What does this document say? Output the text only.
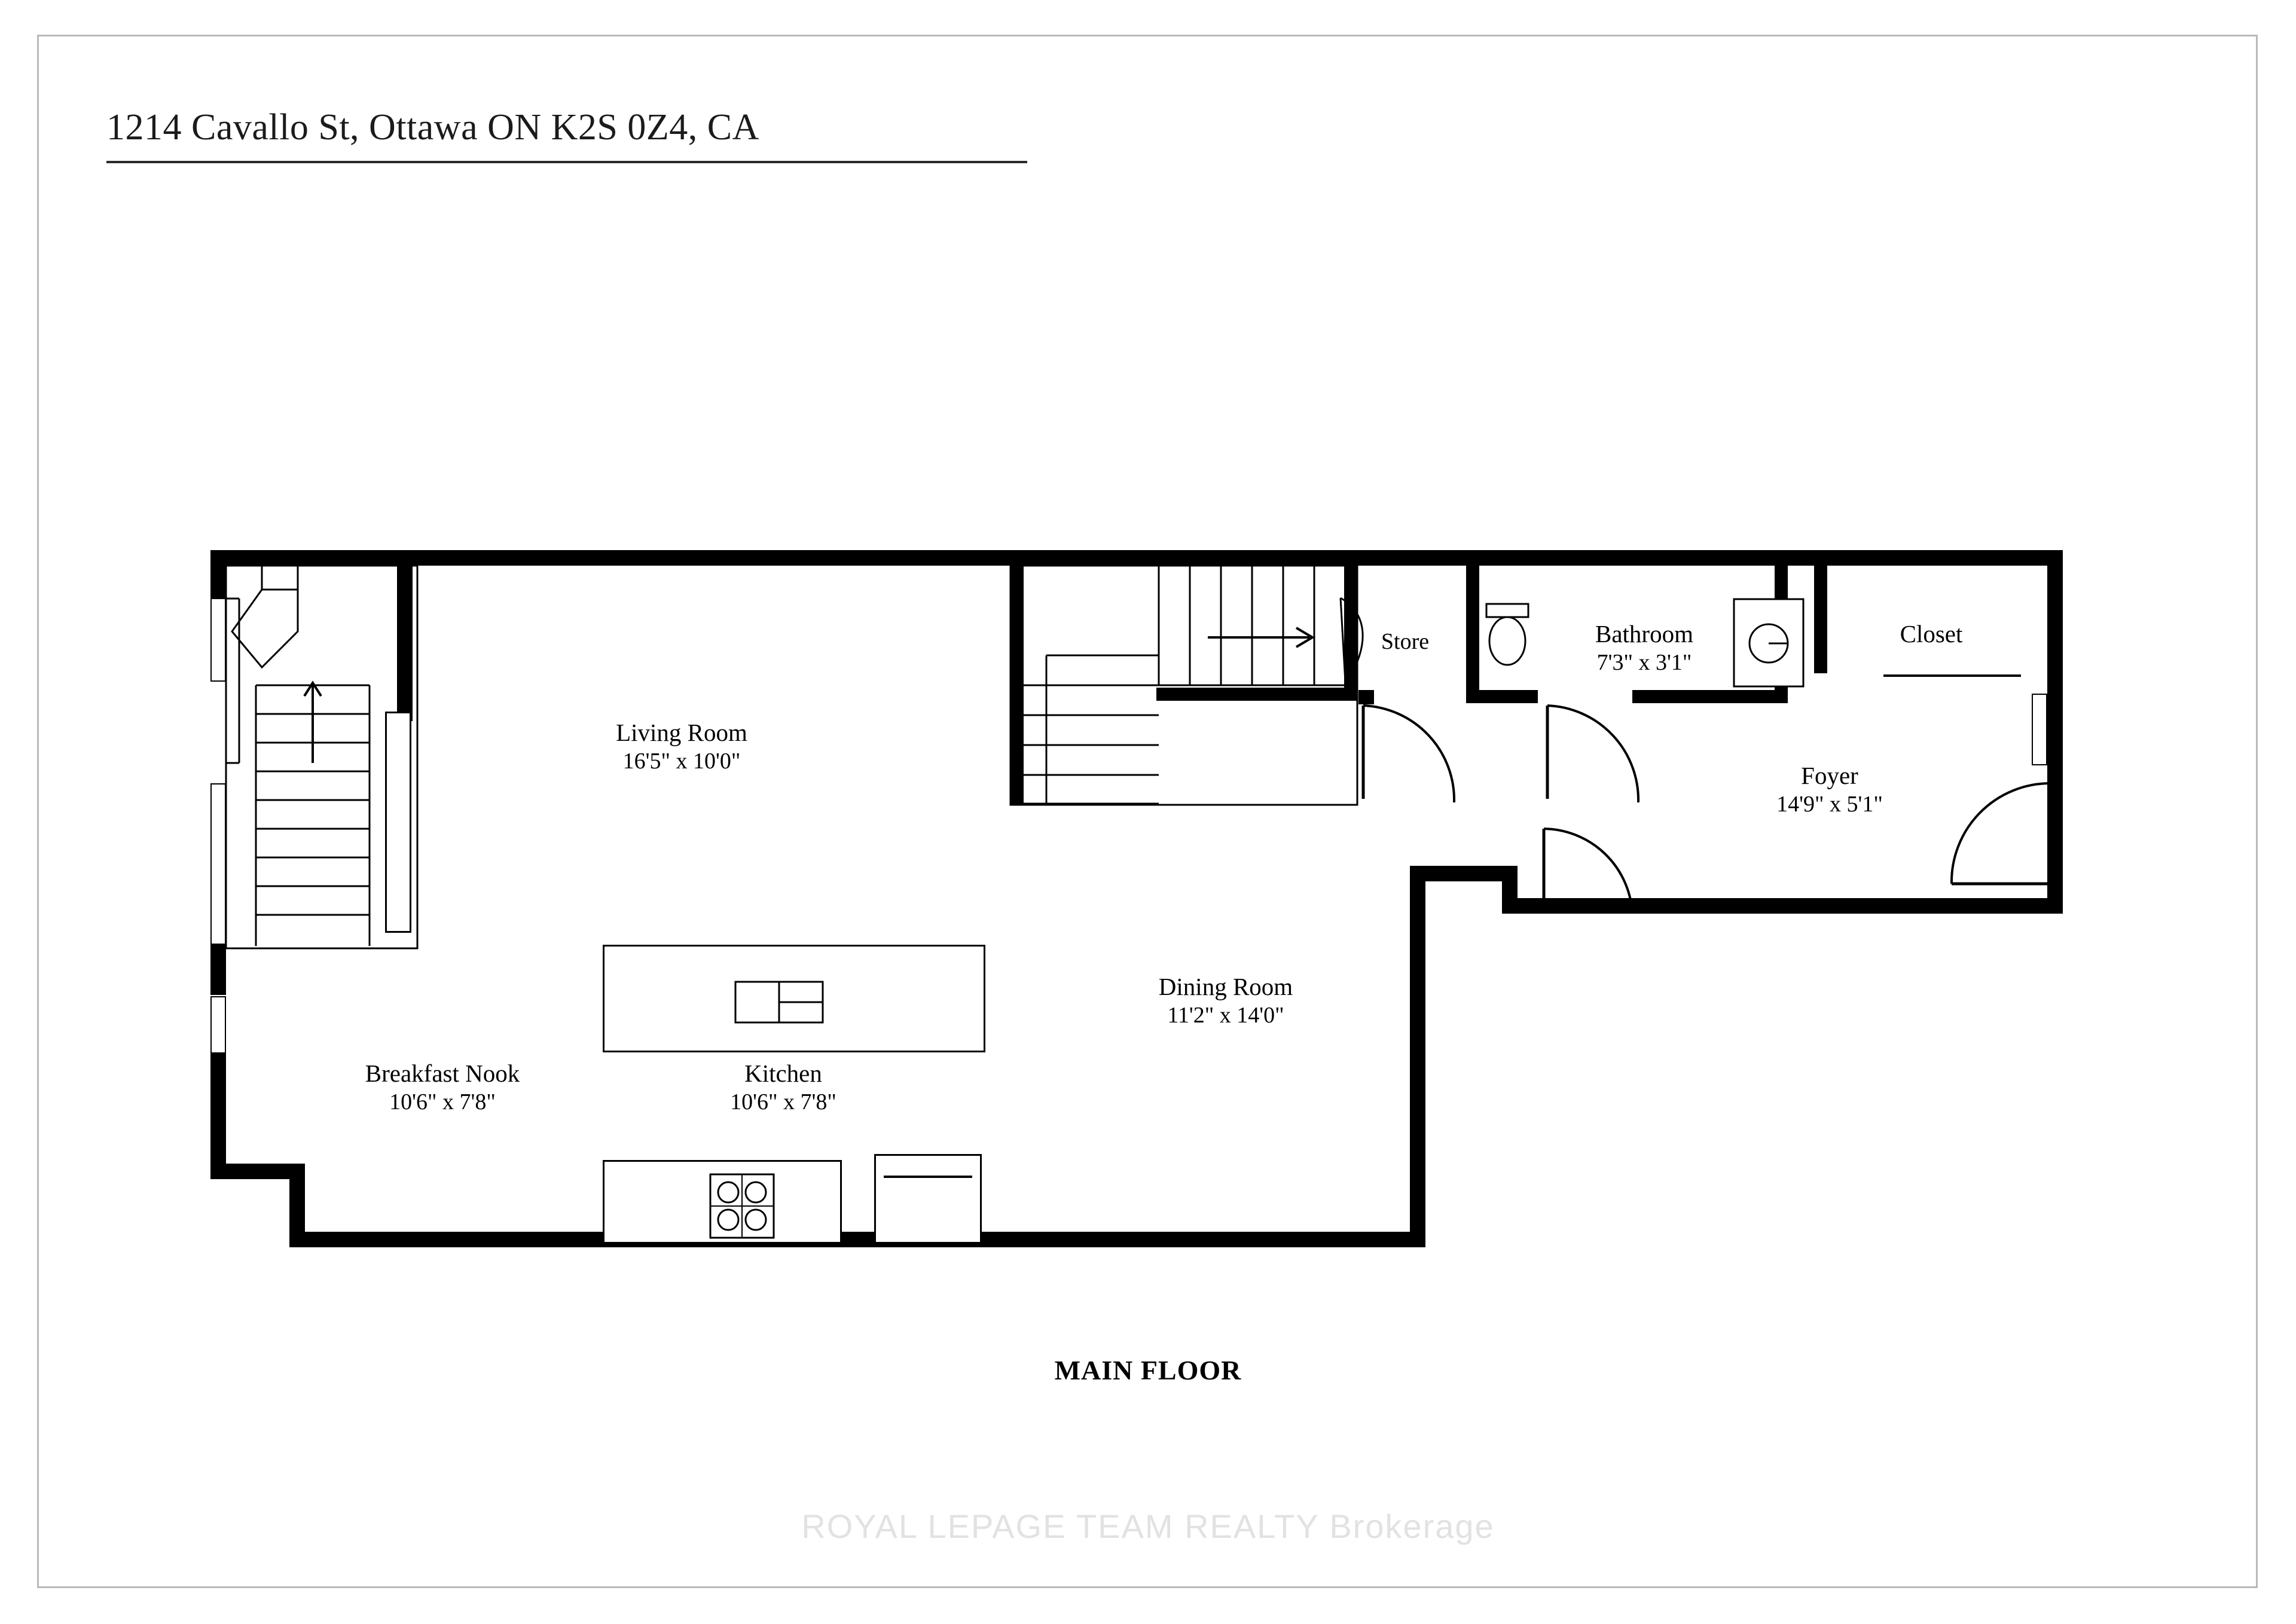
1214 Cavallo St, Ottawa ON K2S 0Z4, CA
Living Room
16'5" x 10'0"
Store	Bathroom
7'3" x 3'1"
Closet
Foyer
14'9" x 5'1"
Dining Room
11'2" x 14'0"
Breakfast Nook
10'6" x 7'8"
Kitchen
10'6" x 7'8"
MAIN FLOOR
ROYAL LEPAGE TEAM REALTY Brokerage
